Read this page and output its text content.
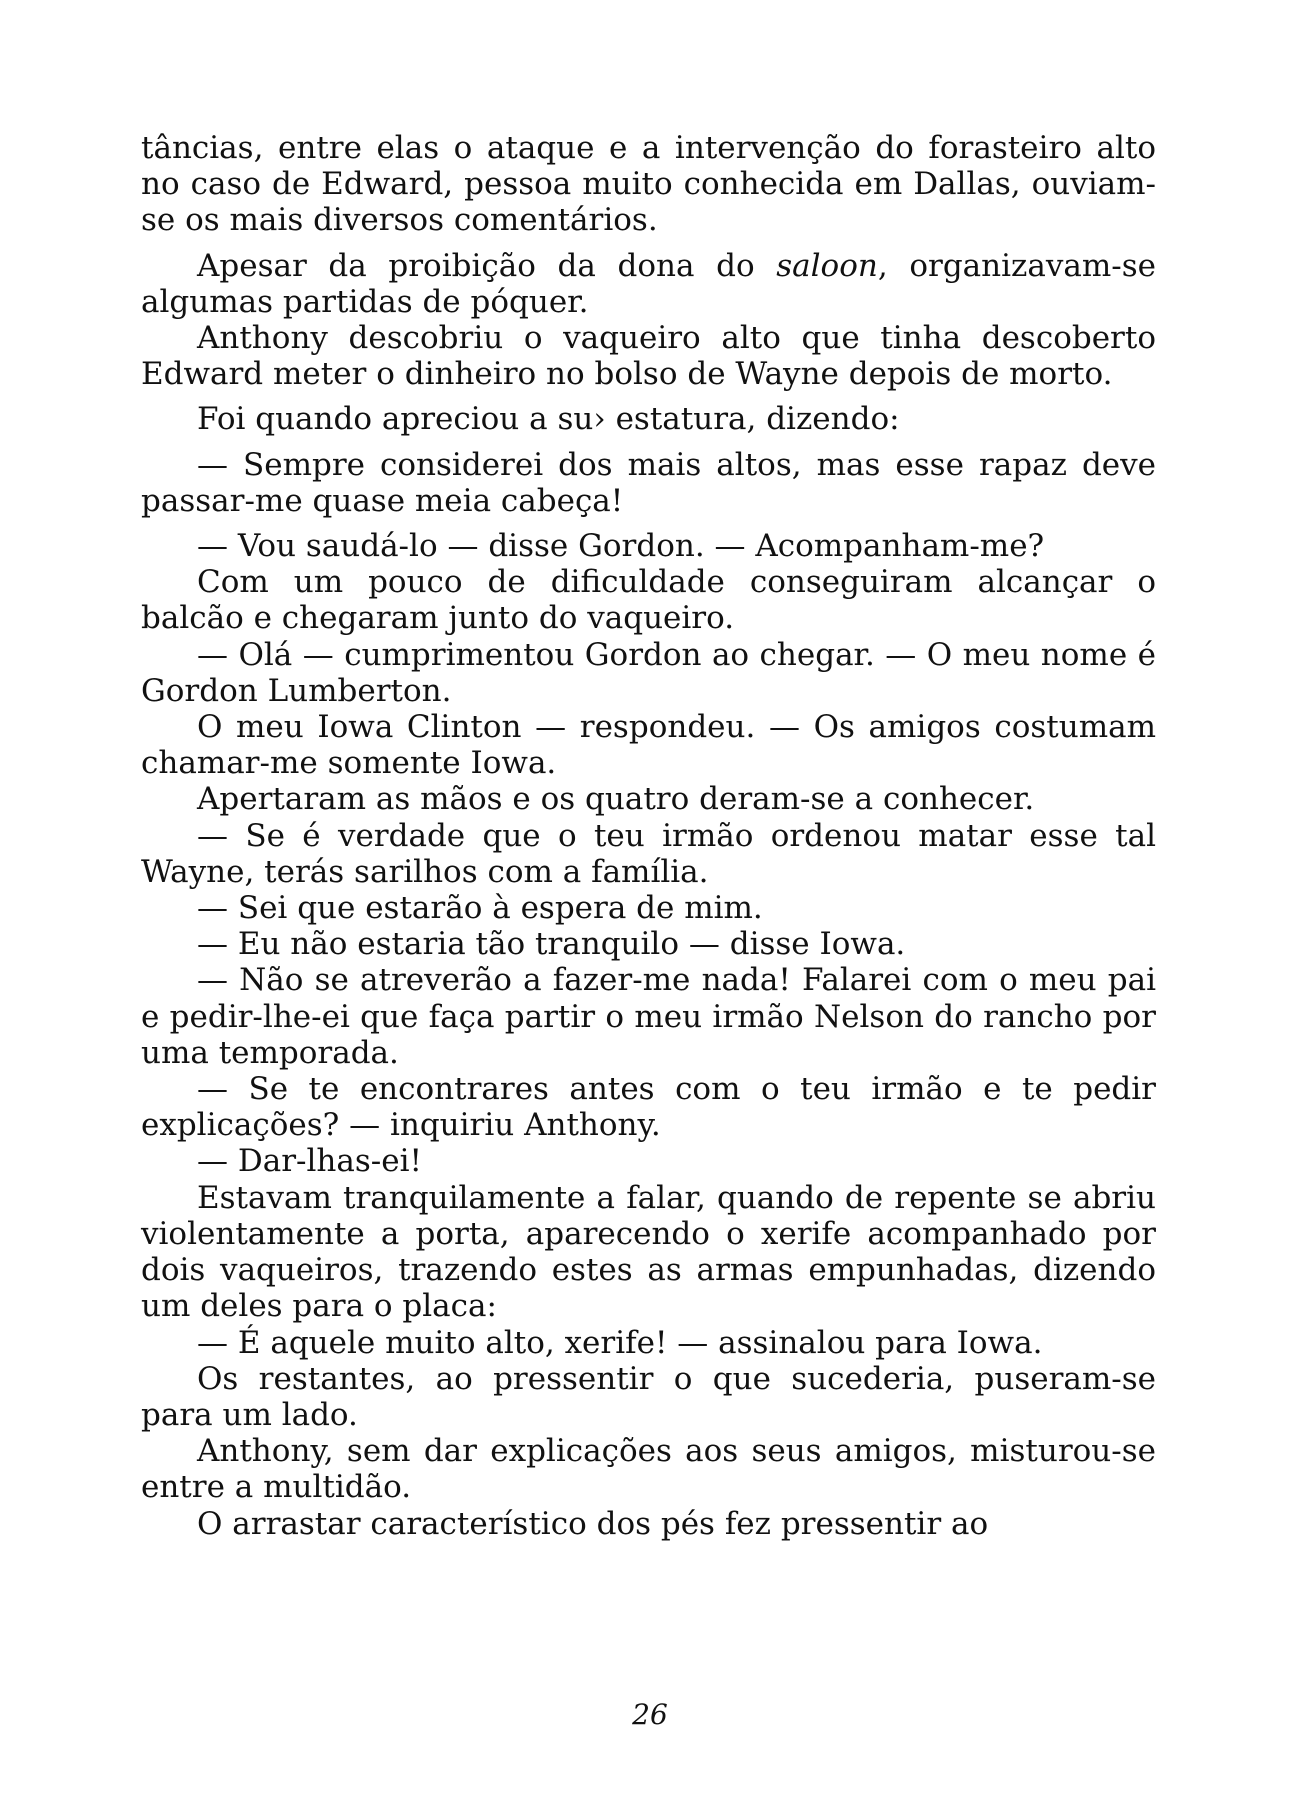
tâncias, entre elas o ataque e a intervenção do forasteiro alto no caso de Edward, pessoa muito conhecida em Dallas, ouviam-se os mais diversos comentários.

Apesar da proibição da dona do saloon, organizavam-se algumas partidas de póquer.

Anthony descobriu o vaqueiro alto que tinha descoberto Edward meter o dinheiro no bolso de Wayne depois de morto.

Foi quando apreciou a su› estatura, dizendo:

— Sempre considerei dos mais altos, mas esse rapaz deve passar-me quase meia cabeça!

— Vou saudá-lo — disse Gordon. — Acompanham-me?

Com um pouco de dificuldade conseguiram alcançar o balcão e chegaram junto do vaqueiro.

— Olá — cumprimentou Gordon ao chegar. — O meu nome é Gordon Lumberton.

O meu Iowa Clinton — respondeu. — Os amigos costumam chamar-me somente Iowa.

Apertaram as mãos e os quatro deram-se a conhecer.

— Se é verdade que o teu irmão ordenou matar esse tal Wayne, terás sarilhos com a família.

— Sei que estarão à espera de mim.

— Eu não estaria tão tranquilo — disse Iowa.

— Não se atreverão a fazer-me nada! Falarei com o meu pai e pedir-lhe-ei que faça partir o meu irmão Nelson do rancho por uma temporada.

— Se te encontrares antes com o teu irmão e te pedir explicações? — inquiriu Anthony.

— Dar-lhas-ei!

Estavam tranquilamente a falar, quando de repente se abriu violentamente a porta, aparecendo o xerife acompanhado por dois vaqueiros, trazendo estes as armas empunhadas, dizendo um deles para o placa:

— É aquele muito alto, xerife! — assinalou para Iowa.

Os restantes, ao pressentir o que sucederia, puseram-se para um lado.

Anthony, sem dar explicações aos seus amigos, misturou-se entre a multidão.

O arrastar característico dos pés fez pressentir ao

26
